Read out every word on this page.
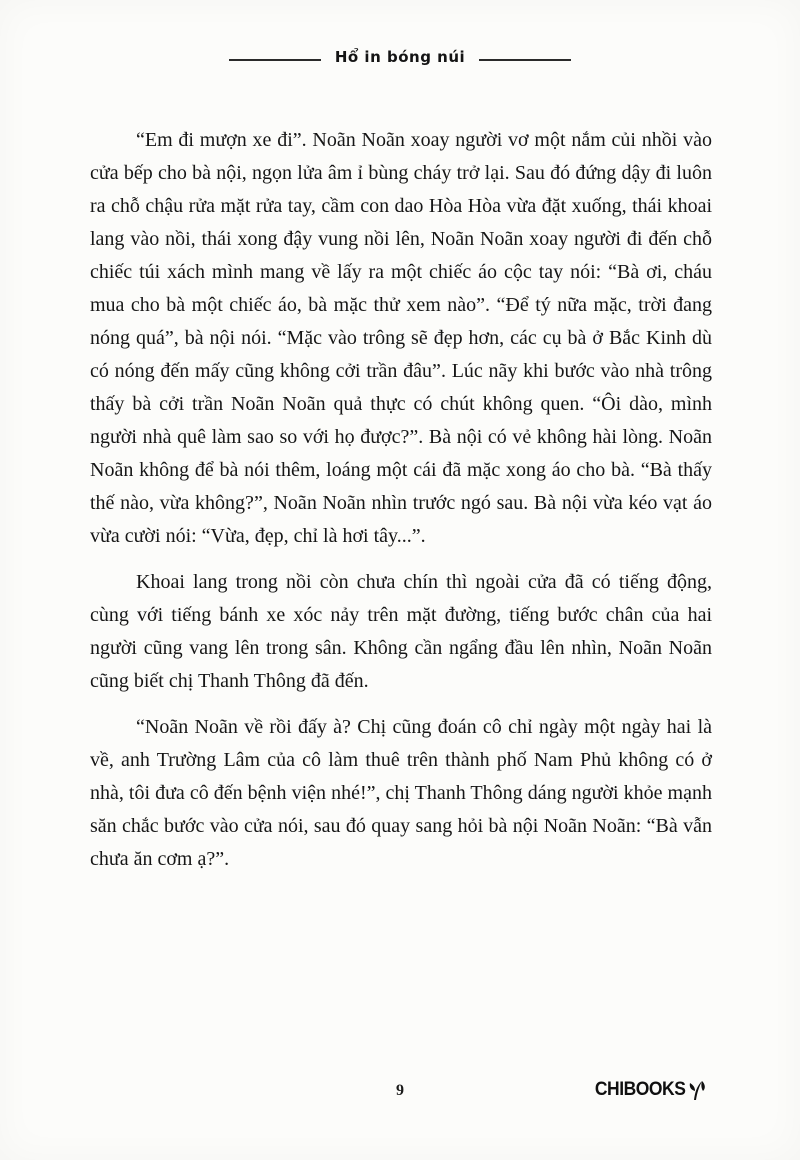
Hổ in bóng núi

“Em đi mượn xe đi”. Noãn Noãn xoay người vơ một nắm củi nhồi vào cửa bếp cho bà nội, ngọn lửa âm ỉ bùng cháy trở lại. Sau đó đứng dậy đi luôn ra chỗ chậu rửa mặt rửa tay, cầm con dao Hòa Hòa vừa đặt xuống, thái khoai lang vào nồi, thái xong đậy vung nồi lên, Noãn Noãn xoay người đi đến chỗ chiếc túi xách mình mang về lấy ra một chiếc áo cộc tay nói: “Bà ơi, cháu mua cho bà một chiếc áo, bà mặc thử xem nào”. “Để tý nữa mặc, trời đang nóng quá”, bà nội nói. “Mặc vào trông sẽ đẹp hơn, các cụ bà ở Bắc Kinh dù có nóng đến mấy cũng không cởi trần đâu”. Lúc nãy khi bước vào nhà trông thấy bà cởi trần Noãn Noãn quả thực có chút không quen. “Ôi dào, mình người nhà quê làm sao so với họ được?”. Bà nội có vẻ không hài lòng. Noãn Noãn không để bà nói thêm, loáng một cái đã mặc xong áo cho bà. “Bà thấy thế nào, vừa không?”, Noãn Noãn nhìn trước ngó sau. Bà nội vừa kéo vạt áo vừa cười nói: “Vừa, đẹp, chỉ là hơi tây...”.

Khoai lang trong nồi còn chưa chín thì ngoài cửa đã có tiếng động, cùng với tiếng bánh xe xóc nảy trên mặt đường, tiếng bước chân của hai người cũng vang lên trong sân. Không cần ngẩng đầu lên nhìn, Noãn Noãn cũng biết chị Thanh Thông đã đến.

“Noãn Noãn về rồi đấy à? Chị cũng đoán cô chỉ ngày một ngày hai là về, anh Trường Lâm của cô làm thuê trên thành phố Nam Phủ không có ở nhà, tôi đưa cô đến bệnh viện nhé!”, chị Thanh Thông dáng người khỏe mạnh săn chắc bước vào cửa nói, sau đó quay sang hỏi bà nội Noãn Noãn: “Bà vẫn chưa ăn cơm ạ?”.

9	CHIBOOKS
